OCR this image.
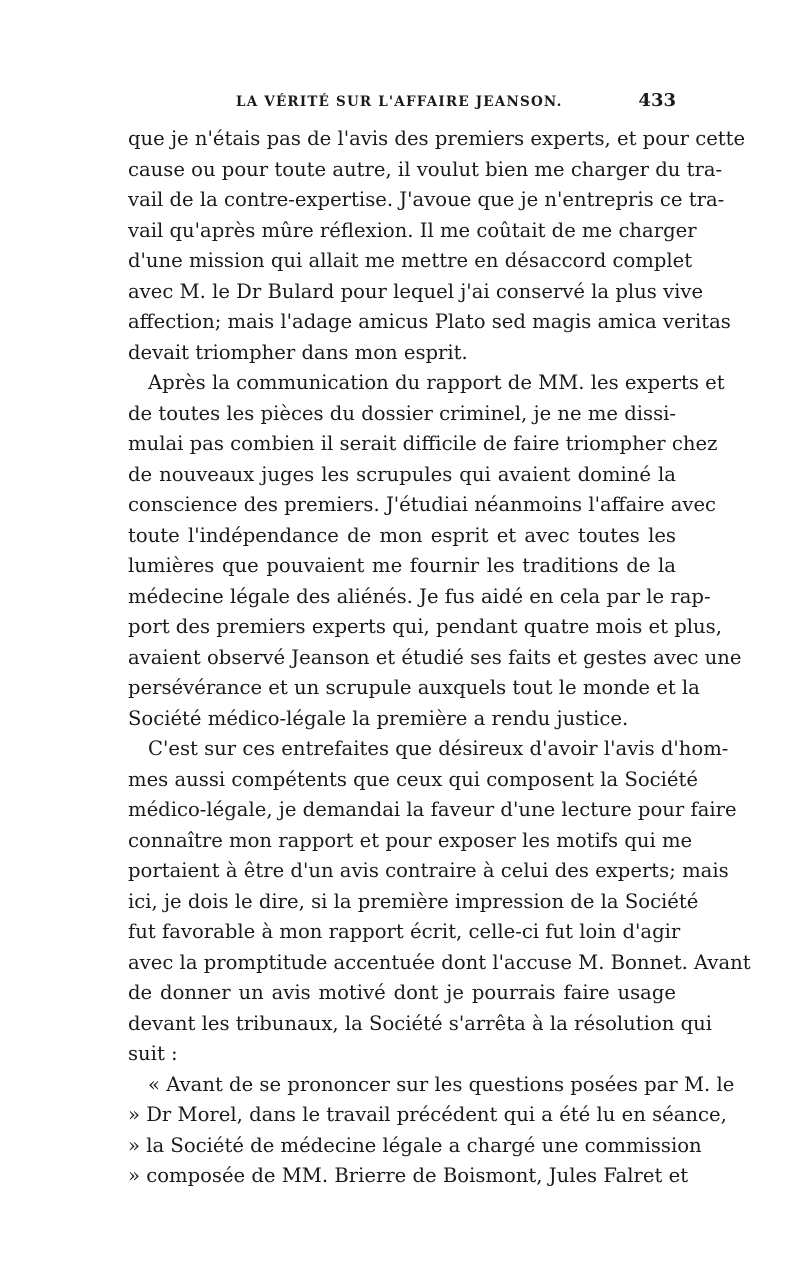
LA VÉRITÉ SUR L'AFFAIRE JEANSON.	433
que je n'étais pas de l'avis des premiers experts, et pour cette
cause ou pour toute autre, il voulut bien me charger du tra-
vail de la contre-expertise. J'avoue que je n'entrepris ce tra-
vail qu'après mûre réflexion. Il me coûtait de me charger
d'une mission qui allait me mettre en désaccord complet
avec M. le Dr Bulard pour lequel j'ai conservé la plus vive
affection; mais l'adage amicus Plato sed magis amica veritas
devait triompher dans mon esprit.
Après la communication du rapport de MM. les experts et
de toutes les pièces du dossier criminel, je ne me dissi-
mulai pas combien il serait difficile de faire triompher chez
de nouveaux juges les scrupules qui avaient dominé la
conscience des premiers. J'étudiai néanmoins l'affaire avec
toute l'indépendance de mon esprit et avec toutes les
lumières que pouvaient me fournir les traditions de la
médecine légale des aliénés. Je fus aidé en cela par le rap-
port des premiers experts qui, pendant quatre mois et plus,
avaient observé Jeanson et étudié ses faits et gestes avec une
persévérance et un scrupule auxquels tout le monde et la
Société médico-légale la première a rendu justice.
C'est sur ces entrefaites que désireux d'avoir l'avis d'hom-
mes aussi compétents que ceux qui composent la Société
médico-légale, je demandai la faveur d'une lecture pour faire
connaître mon rapport et pour exposer les motifs qui me
portaient à être d'un avis contraire à celui des experts; mais
ici, je dois le dire, si la première impression de la Société
fut favorable à mon rapport écrit, celle-ci fut loin d'agir
avec la promptitude accentuée dont l'accuse M. Bonnet. Avant
de donner un avis motivé dont je pourrais faire usage
devant les tribunaux, la Société s'arrêta à la résolution qui
suit :
« Avant de se prononcer sur les questions posées par M. le
» Dr Morel, dans le travail précédent qui a été lu en séance,
» la Société de médecine légale a chargé une commission
» composée de MM. Brierre de Boismont, Jules Falret et
